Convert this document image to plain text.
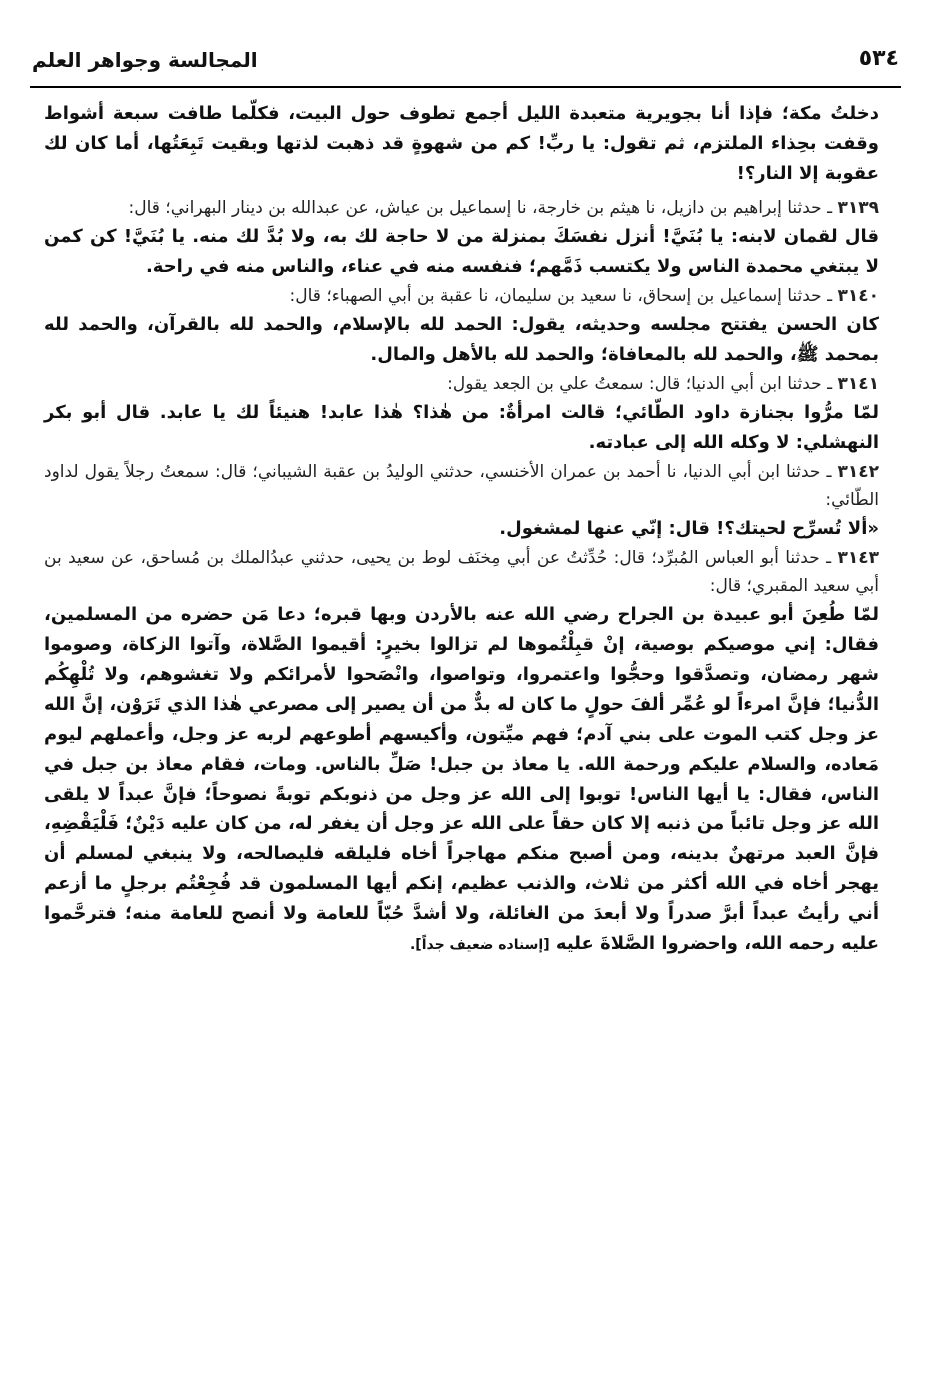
المجالسة وجواهر العلم	٥٣٤

دخلتُ مكة؛ فإذا أنا بجويرية متعبدة الليل أجمع تطوف حول البيت، فكلّما طافت سبعة أشواط وقفت بحِذاء الملتزم، ثم تقول: يا ربِّ! كم من شهوةٍ قد ذهبت لذتها وبقيت تَبِعَتُها، أما كان لك عقوبة إلا النار؟!

٣١٣٩ ـ حدثنا إبراهيم بن دازيل، نا هيثم بن خارجة، نا إسماعيل بن عياش، عن عبدالله بن دينار البهراني؛ قال:

قال لقمان لابنه: يا بُنَيَّ! أنزل نفسَكَ بمنزلة من لا حاجة لك به، ولا بُدَّ لك منه. يا بُنَيَّ! كن كمن لا يبتغي محمدة الناس ولا يكتسب ذَمَّهم؛ فنفسه منه في عناء، والناس منه في راحة.

٣١٤٠ ـ حدثنا إسماعيل بن إسحاق، نا سعيد بن سليمان، نا عقبة بن أبي الصهباء؛ قال:

كان الحسن يفتتح مجلسه وحديثه، يقول: الحمد لله بالإسلام، والحمد لله بالقرآن، والحمد لله بمحمد ﷺ، والحمد لله بالمعافاة؛ والحمد لله بالأهل والمال.

٣١٤١ ـ حدثنا ابن أبي الدنيا؛ قال: سمعتُ علي بن الجعد يقول:

لمّا مرُّوا بجنازة داود الطّائي؛ قالت امرأةٌ: من هٰذا؟ هٰذا عابد! هنيئاً لك يا عابد. قال أبو بكر النهشلي: لا وكله الله إلى عبادته.

٣١٤٢ ـ حدثنا ابن أبي الدنيا، نا أحمد بن عمران الأخنسي، حدثني الوليدُ بن عقبة الشيباني؛ قال: سمعتُ رجلاً يقول لداود الطّائي:

«ألا تُسرِّح لحيتك؟! قال: إنّي عنها لمشغول.

٣١٤٣ ـ حدثنا أبو العباس المُبرِّد؛ قال: حُدِّثتُ عن أبي مِخنَف لوط بن يحيى، حدثني عبدُالملك بن مُساحق، عن سعيد بن أبي سعيد المقبري؛ قال:

لمّا طُعِنَ أبو عبيدة بن الجراح رضي الله عنه بالأردن وبها قبره؛ دعا مَن حضره من المسلمين، فقال: إني موصيكم بوصية، إنْ قبِلْتُموها لم تزالوا بخيرٍ: أقيموا الصَّلاة، وآتوا الزكاة، وصوموا شهر رمضان، وتصدَّقوا وحجُّوا واعتمروا، وتواصوا، وانْصَحوا لأمرائكم ولا تغشوهم، ولا تُلْهِكُم الدُّنيا؛ فإنَّ امرءاً لو عُمِّر ألفَ حولٍ ما كان له بدٌّ من أن يصير إلى مصرعي هٰذا الذي تَرَوْن، إنَّ الله عز وجل كتب الموت على بني آدم؛ فهم ميِّتون، وأكيسهم أطوعهم لربه عز وجل، وأعملهم ليوم مَعاده، والسلام عليكم ورحمة الله. يا معاذ بن جبل! صَلِّ بالناس. ومات، فقام معاذ بن جبل في الناس، فقال: يا أيها الناس! توبوا إلى الله عز وجل من ذنوبكم توبةً نصوحاً؛ فإنَّ عبداً لا يلقى الله عز وجل تائباً من ذنبه إلا كان حقاً على الله عز وجل أن يغفر له، من كان عليه دَيْنٌ؛ فَلْيَقْضِهِ، فإنَّ العبد مرتهنٌ بدينه، ومن أصبح منكم مهاجراً أخاه فليلقه فليصالحه، ولا ينبغي لمسلم أن يهجر أخاه في الله أكثر من ثلاث، والذنب عظيم، إنكم أيها المسلمون قد فُجِعْتُم برجلٍ ما أزعم أني رأيتُ عبداً أبرَّ صدراً ولا أبعدَ من الغائلة، ولا أشدَّ حُبّاً للعامة ولا أنصح للعامة منه؛ فترحَّموا عليه رحمه الله، واحضروا الصَّلاةَ عليه [إسناده ضعيف جداً].
